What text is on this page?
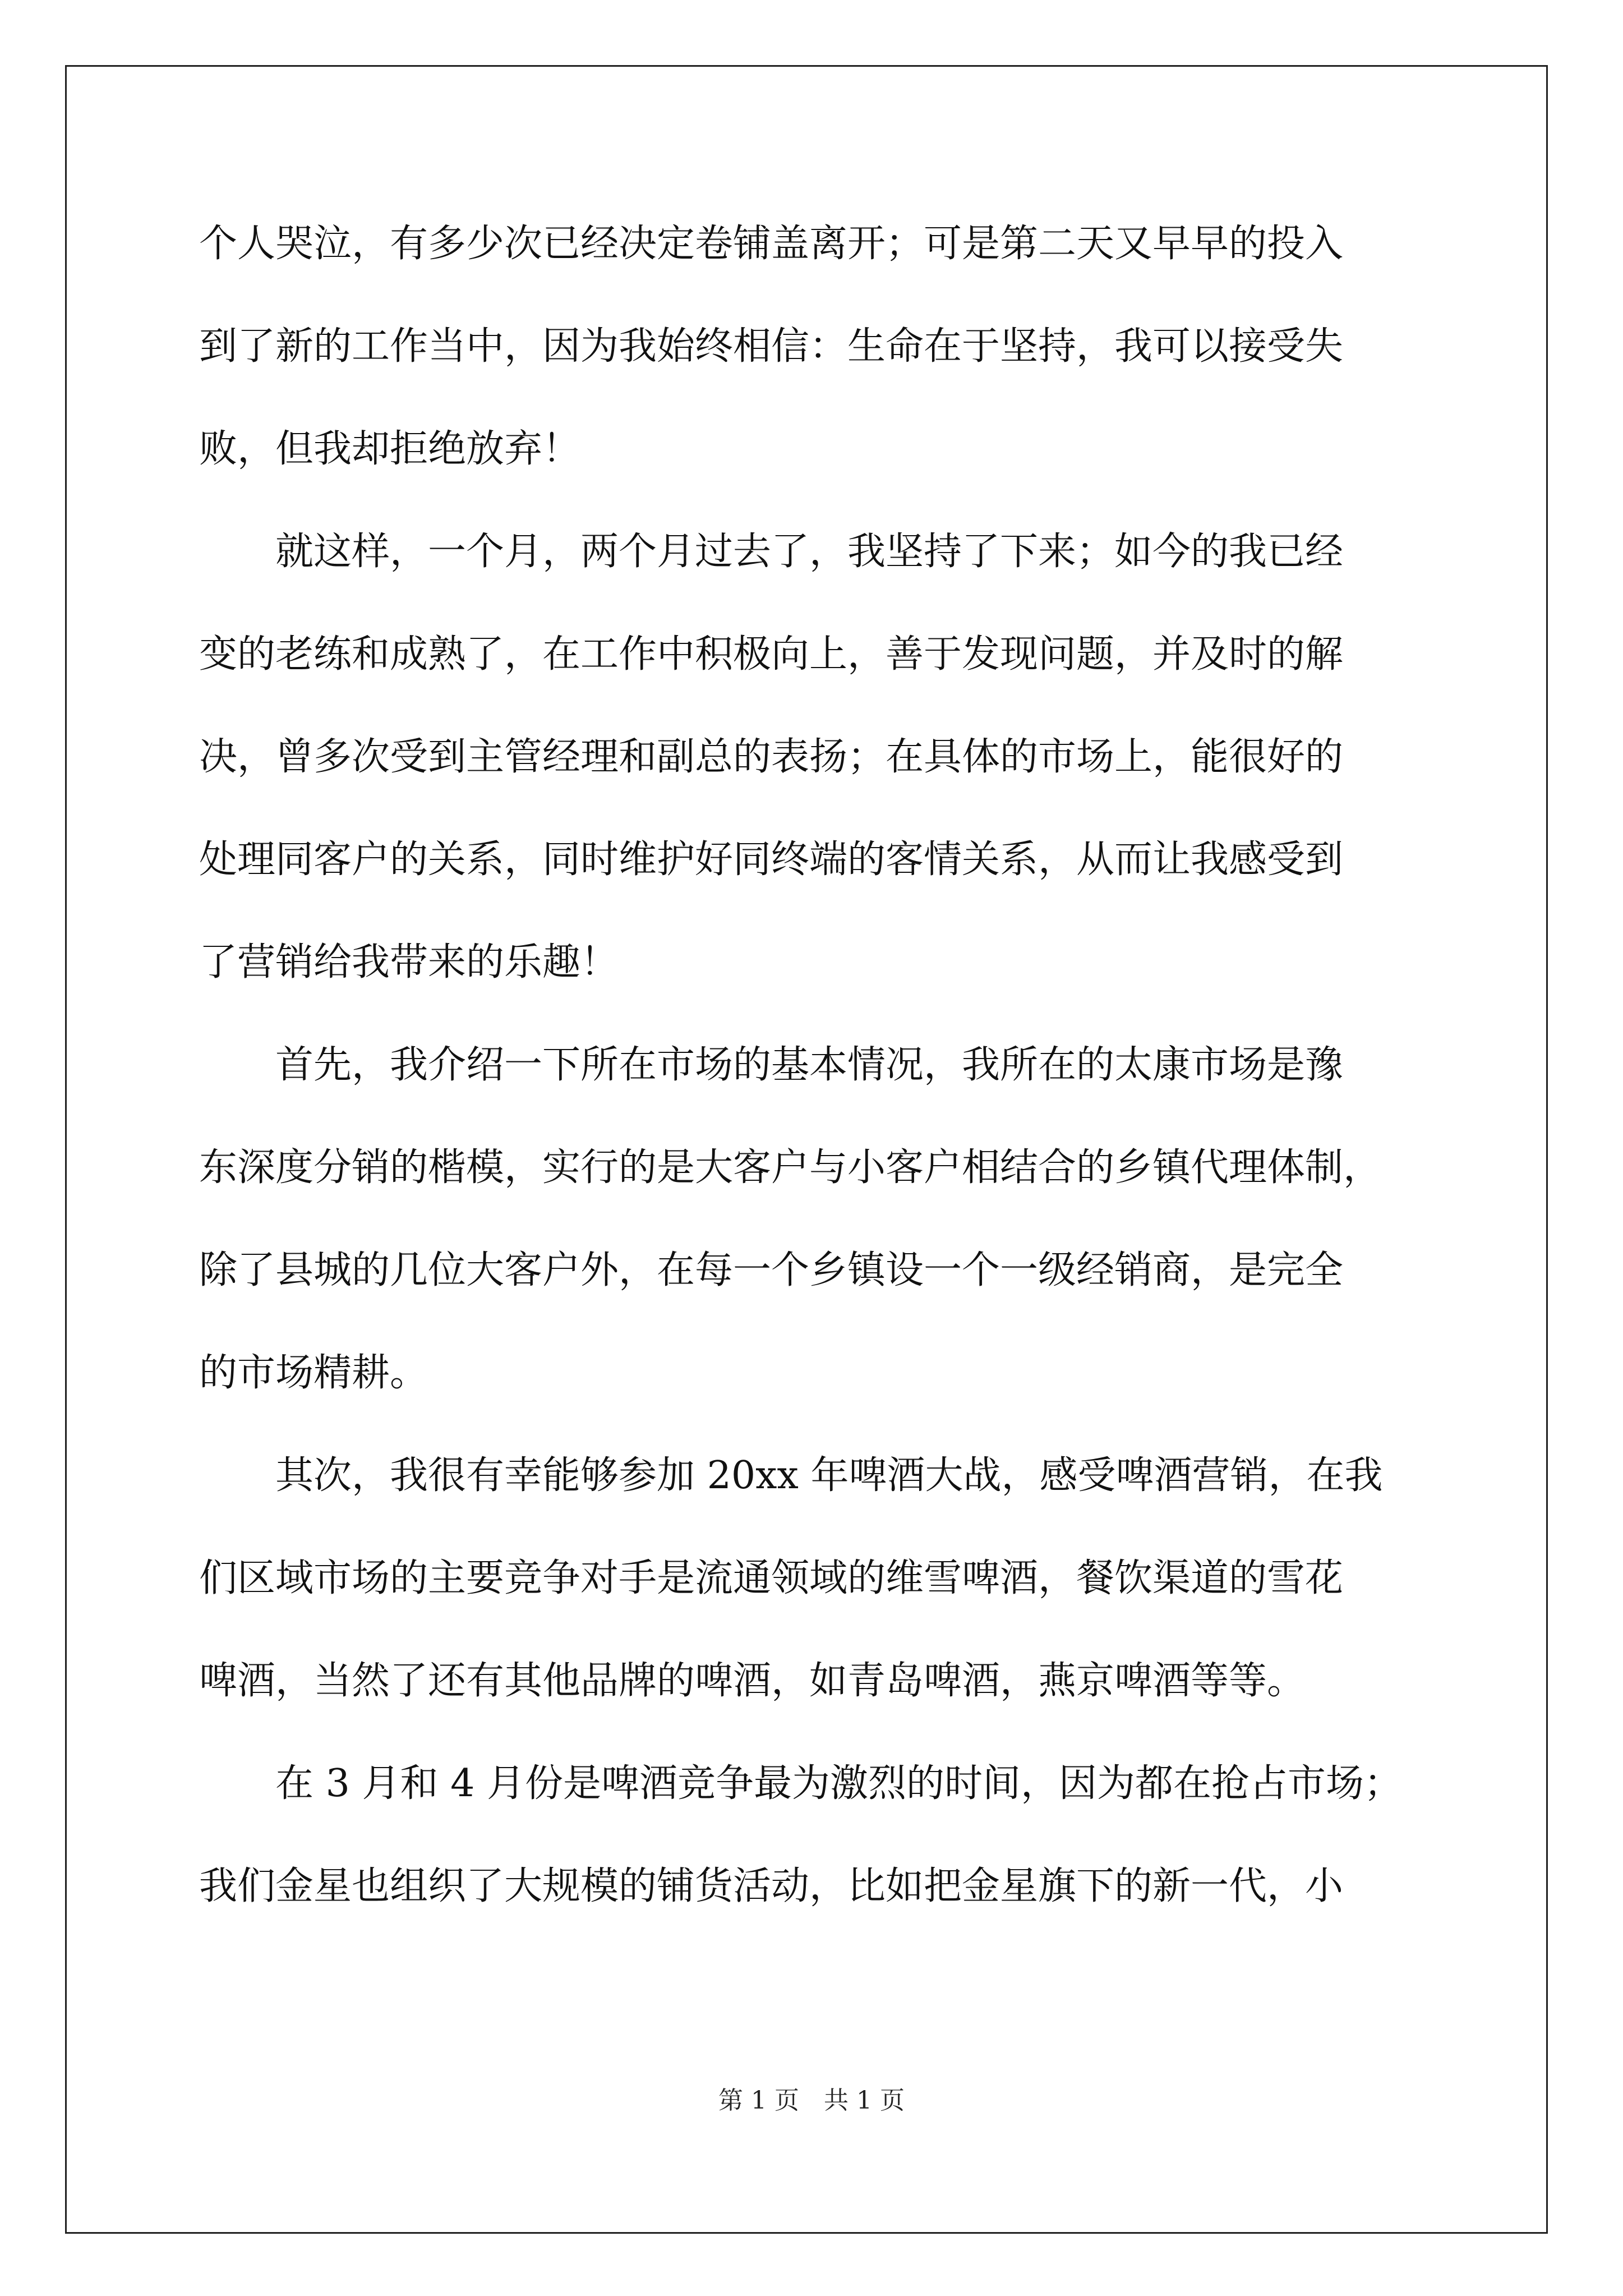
个人哭泣，有多少次已经决定卷铺盖离开；可是第二天又早早的投入
到了新的工作当中，因为我始终相信：生命在于坚持，我可以接受失
败，但我却拒绝放弃！
　　就这样，一个月，两个月过去了，我坚持了下来；如今的我已经
变的老练和成熟了，在工作中积极向上，善于发现问题，并及时的解
决，曾多次受到主管经理和副总的表扬；在具体的市场上，能很好的
处理同客户的关系，同时维护好同终端的客情关系，从而让我感受到
了营销给我带来的乐趣！
　　首先，我介绍一下所在市场的基本情况，我所在的太康市场是豫
东深度分销的楷模，实行的是大客户与小客户相结合的乡镇代理体制，
除了县城的几位大客户外，在每一个乡镇设一个一级经销商，是完全
的市场精耕。
　　其次，我很有幸能够参加 20xx 年啤酒大战，感受啤酒营销，在我
们区域市场的主要竞争对手是流通领域的维雪啤酒，餐饮渠道的雪花
啤酒，当然了还有其他品牌的啤酒，如青岛啤酒，燕京啤酒等等。
　　在 3 月和 4 月份是啤酒竞争最为激烈的时间，因为都在抢占市场；
我们金星也组织了大规模的铺货活动，比如把金星旗下的新一代，小
第 1 页　共 1 页
